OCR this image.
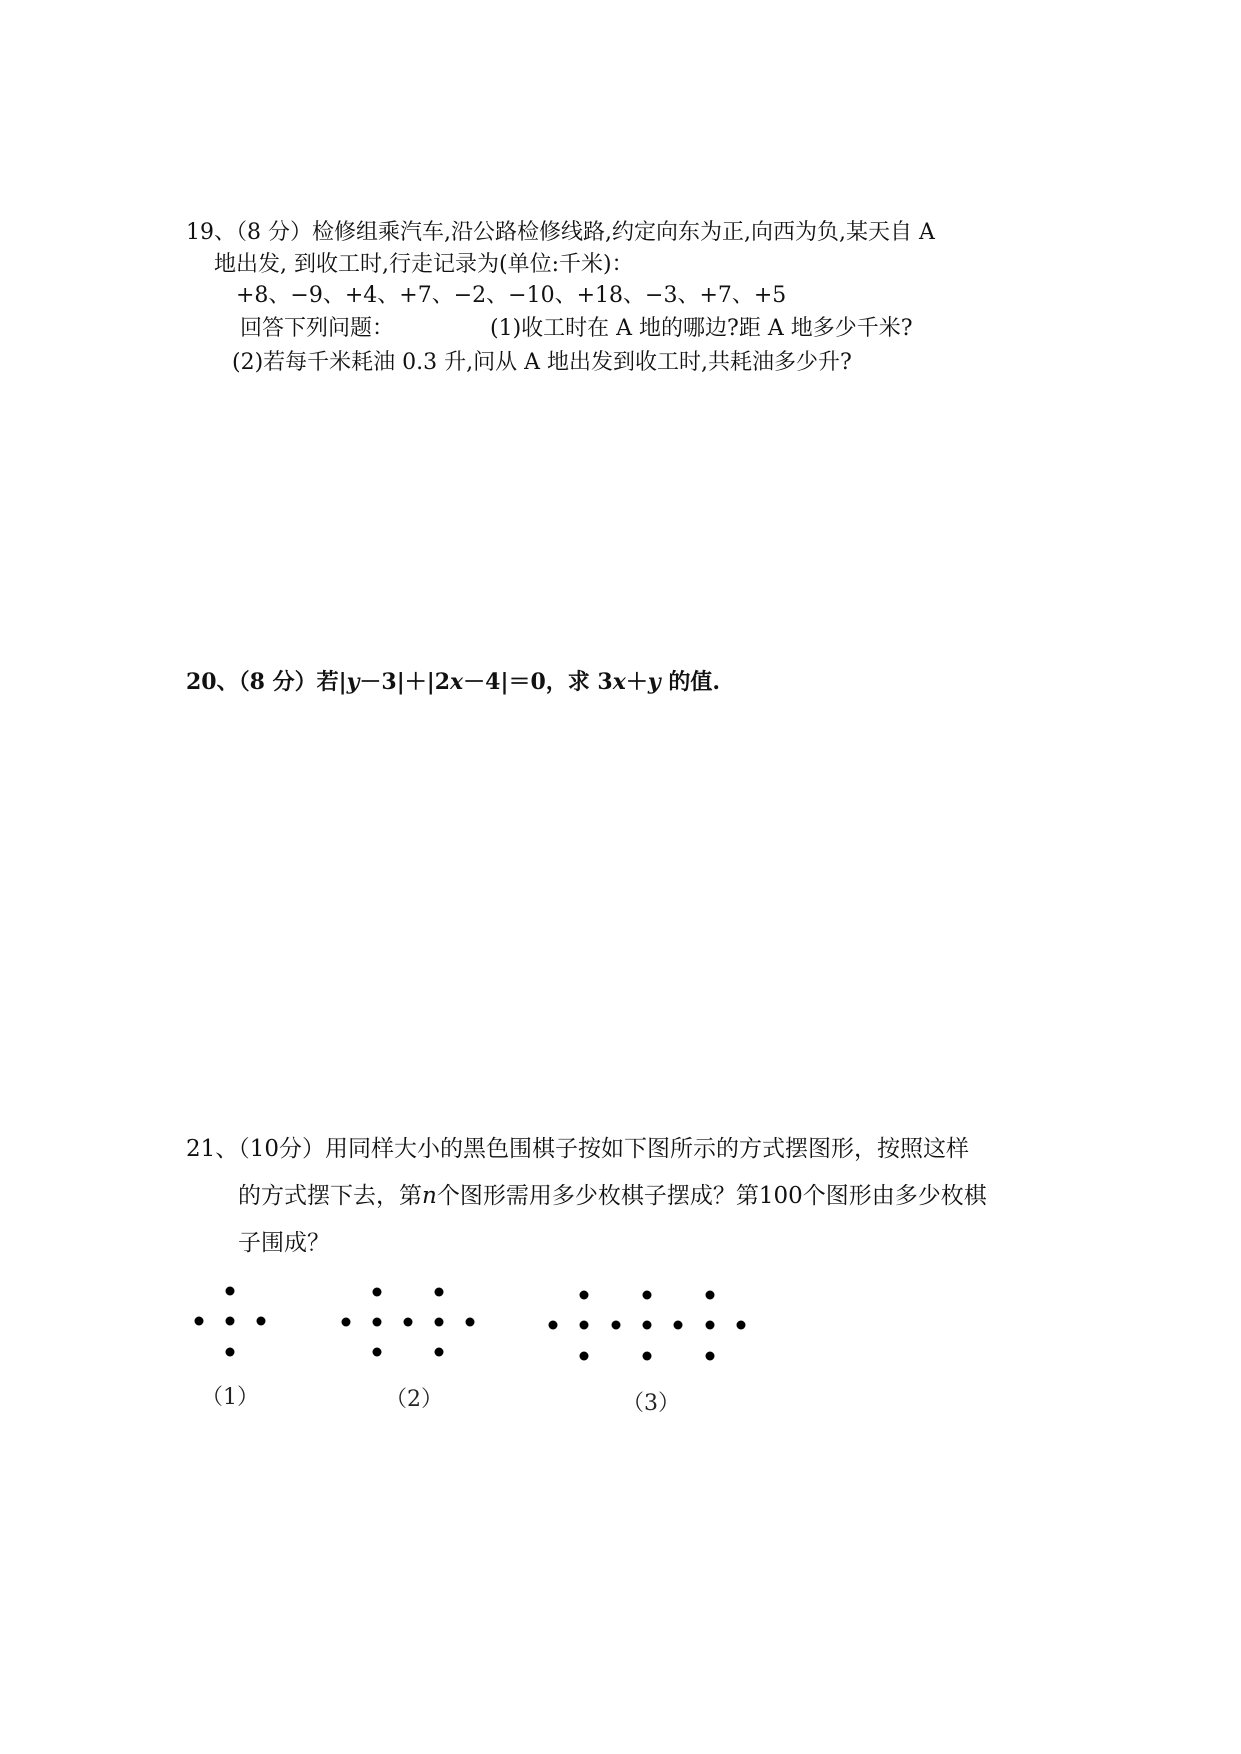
19、（8 分）检修组乘汽车,沿公路检修线路,约定向东为正,向西为负,某天自 A
地出发, 到收工时,行走记录为(单位:千米)：
+8、−9、+4、+7、−2、−10、+18、−3、+7、+5
回答下列问题：	(1)收工时在 A 地的哪边?距 A 地多少千米?
(2)若每千米耗油 0.3 升,问从 A 地出发到收工时,共耗油多少升?
20、（8 分）若|y－3|＋|2x－4|＝0，求 3x＋y 的值.
21、（10分）用同样大小的黑色围棋子按如下图所示的方式摆图形，按照这样
的方式摆下去，第n个图形需用多少枚棋子摆成？第100个图形由多少枚棋
子围成？
（1）	（2）	（3）
